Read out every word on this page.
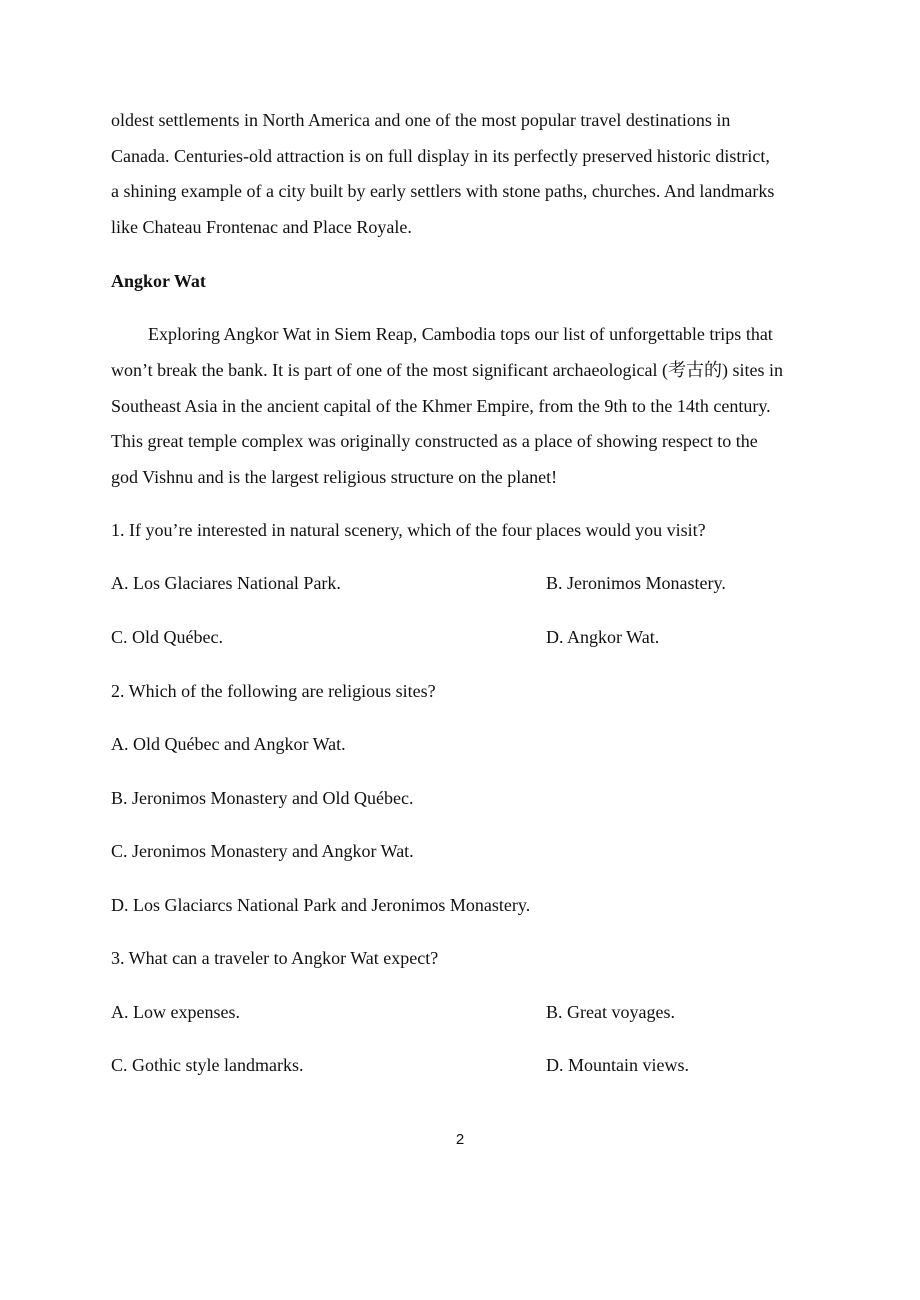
oldest settlements in North America and one of the most popular travel destinations in
Canada. Centuries-old attraction is on full display in its perfectly preserved historic district,
a shining example of a city built by early settlers with stone paths, churches. And landmarks
like Chateau Frontenac and Place Royale.
Angkor Wat
Exploring Angkor Wat in Siem Reap, Cambodia tops our list of unforgettable trips that
won’t break the bank. It is part of one of the most significant archaeological (考古的) sites in
Southeast Asia in the ancient capital of the Khmer Empire, from the 9th to the 14th century.
This great temple complex was originally constructed as a place of showing respect to the
god Vishnu and is the largest religious structure on the planet!
1. If you’re interested in natural scenery, which of the four places would you visit?
A. Los Glaciares National Park.	B. Jeronimos Monastery.
C. Old Québec.	D. Angkor Wat.
2. Which of the following are religious sites?
A. Old Québec and Angkor Wat.
B. Jeronimos Monastery and Old Québec.
C. Jeronimos Monastery and Angkor Wat.
D. Los Glaciarcs National Park and Jeronimos Monastery.
3. What can a traveler to Angkor Wat expect?
A. Low expenses.	B. Great voyages.
C. Gothic style landmarks.	D. Mountain views.
2
